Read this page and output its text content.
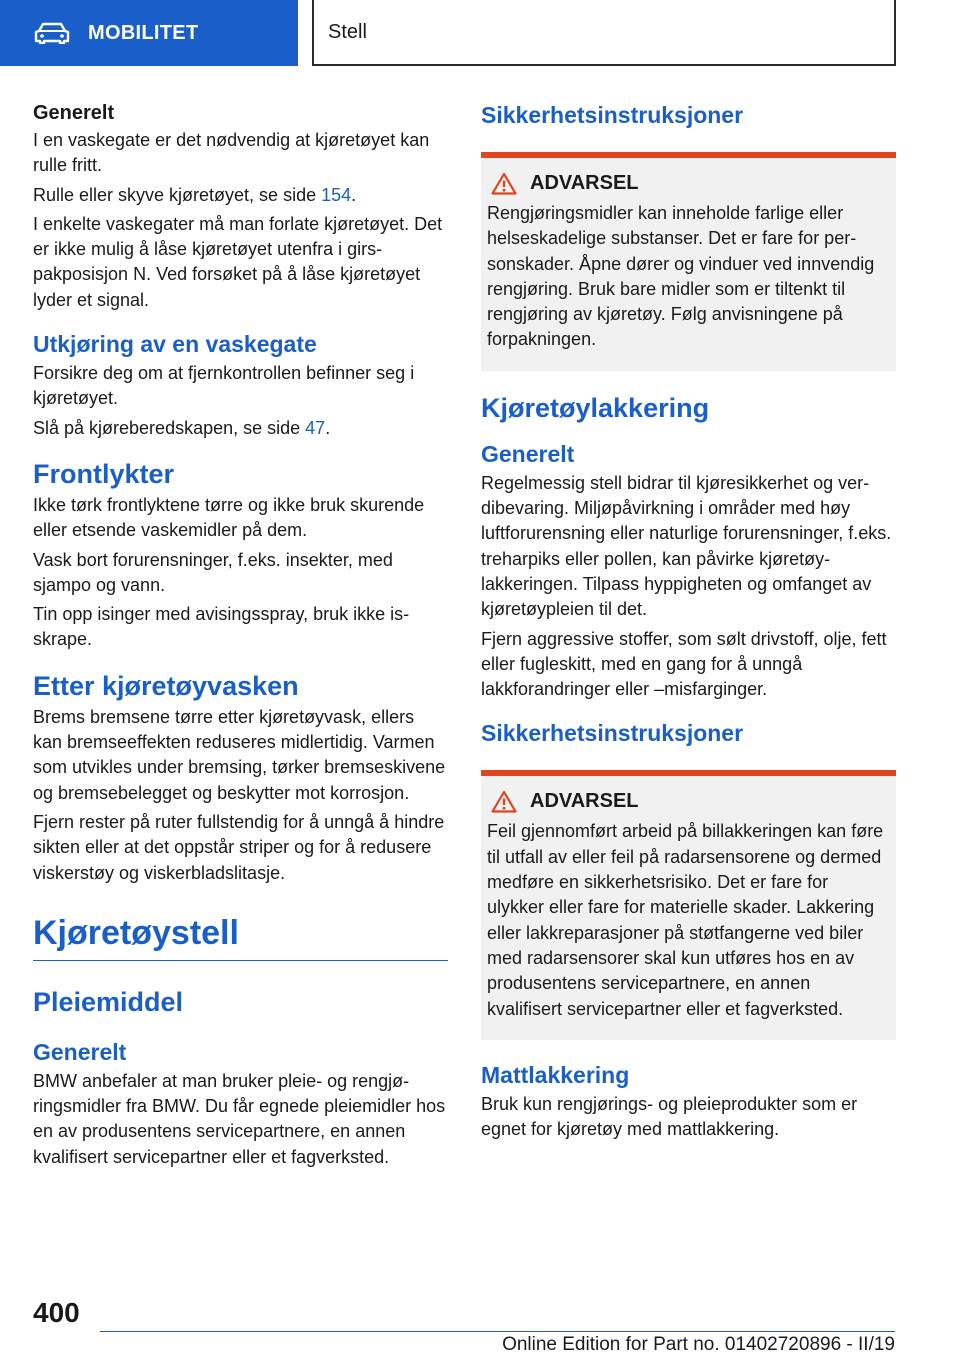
MOBILITET	Stell
Generelt

I en vaskegate er det nødvendig at kjøretøyet kan rulle fritt.

Rulle eller skyve kjøretøyet, se side 154.

I enkelte vaskegater må man forlate kjøretøyet. Det er ikke mulig å låse kjøretøyet utenfra i girspakposisjon N. Ved forsøket på å låse kjøretøyet lyder et signal.

Utkjøring av en vaskegate

Forsikre deg om at fjernkontrollen befinner seg i kjøretøyet.

Slå på kjøreberedskapen, se side 47.

Frontlykter

Ikke tørk frontlyktene tørre og ikke bruk skurende eller etsende vaskemidler på dem.

Vask bort forurensninger, f.eks. insekter, med sjampo og vann.

Tin opp isinger med avisingsspray, bruk ikke isskrape.

Etter kjøretøyvasken

Brems bremsene tørre etter kjøretøyvask, ellers kan bremseeffekten reduseres midlertidig. Varmen som utvikles under bremsing, tørker bremseskivene og bremsebelegget og beskytter mot korrosjon.

Fjern rester på ruter fullstendig for å unngå å hindre sikten eller at det oppstår striper og for å redusere viskerstøy og viskerbladslitasje.

Kjøretøystell
Pleiemiddel
Generelt

BMW anbefaler at man bruker pleie- og rengjøringsmidler fra BMW. Du får egnede pleiemidler hos en av produsentens servicepartnere, en annen kvalifisert servicepartner eller et fagverksted.

Sikkerhetsinstruksjoner
ADVARSEL

Rengjøringsmidler kan inneholde farlige eller helseskadelige substanser. Det er fare for personskader. Åpne dører og vinduer ved innvendig rengjøring. Bruk bare midler som er tiltenkt til rengjøring av kjøretøy. Følg anvisningene på forpakningen.

Kjøretøylakkering
Generelt

Regelmessig stell bidrar til kjøresikkerhet og verdibevaring. Miljøpåvirkning i områder med høy luftforurensning eller naturlige forurensninger, f.eks. treharpiks eller pollen, kan påvirke kjøretøylakkeringen. Tilpass hyppigheten og omfanget av kjøretøypleien til det.

Fjern aggressive stoffer, som sølt drivstoff, olje, fett eller fugleskitt, med en gang for å unngå lakkforandringer eller –misfarginger.

Sikkerhetsinstruksjoner
ADVARSEL

Feil gjennomført arbeid på billakkeringen kan føre til utfall av eller feil på radarsensorene og dermed medføre en sikkerhetsrisiko. Det er fare for ulykker eller fare for materielle skader. Lakkering eller lakkreparasjoner på støtfangerne ved biler med radarsensorer skal kun utføres hos en av produsentens servicepartnere, en annen kvalifisert servicepartner eller et fagverksted.

Mattlakkering

Bruk kun rengjørings- og pleieprodukter som er egnet for kjøretøy med mattlakkering.

400
Online Edition for Part no. 01402720896 - II/19
